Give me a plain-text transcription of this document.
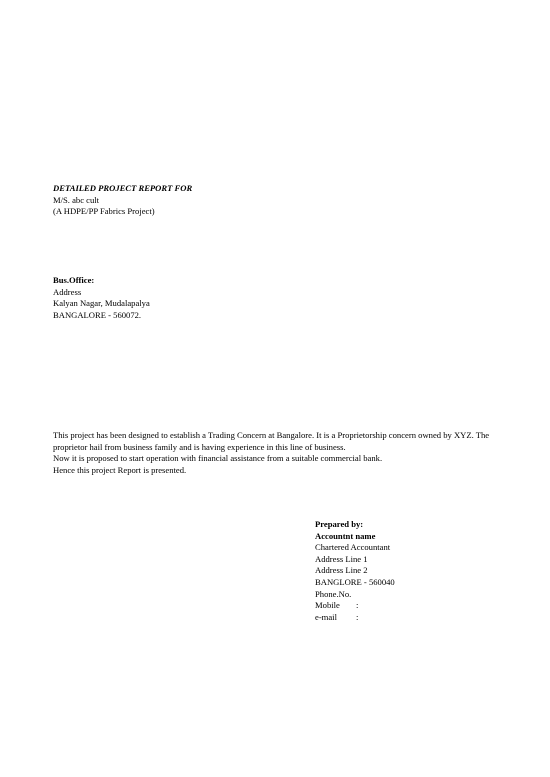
DETAILED PROJECT REPORT FOR
M/S. abc cult
(A HDPE/PP Fabrics Project)
Bus.Office:
Address
Kalyan Nagar, Mudalapalya
BANGALORE - 560072.
This project has been designed to establish a Trading Concern at Bangalore. It is a Proprietorship concern owned by XYZ. The proprietor hail from business family and is having experience in this line of business.
Now it is proposed to start operation with financial assistance from a suitable commercial bank.
Hence this project Report is presented.
Prepared by:
Accountnt name
Chartered Accountant
Address Line 1
Address Line 2
BANGLORE - 560040
Phone.No.
Mobile	:
e-mail	:
